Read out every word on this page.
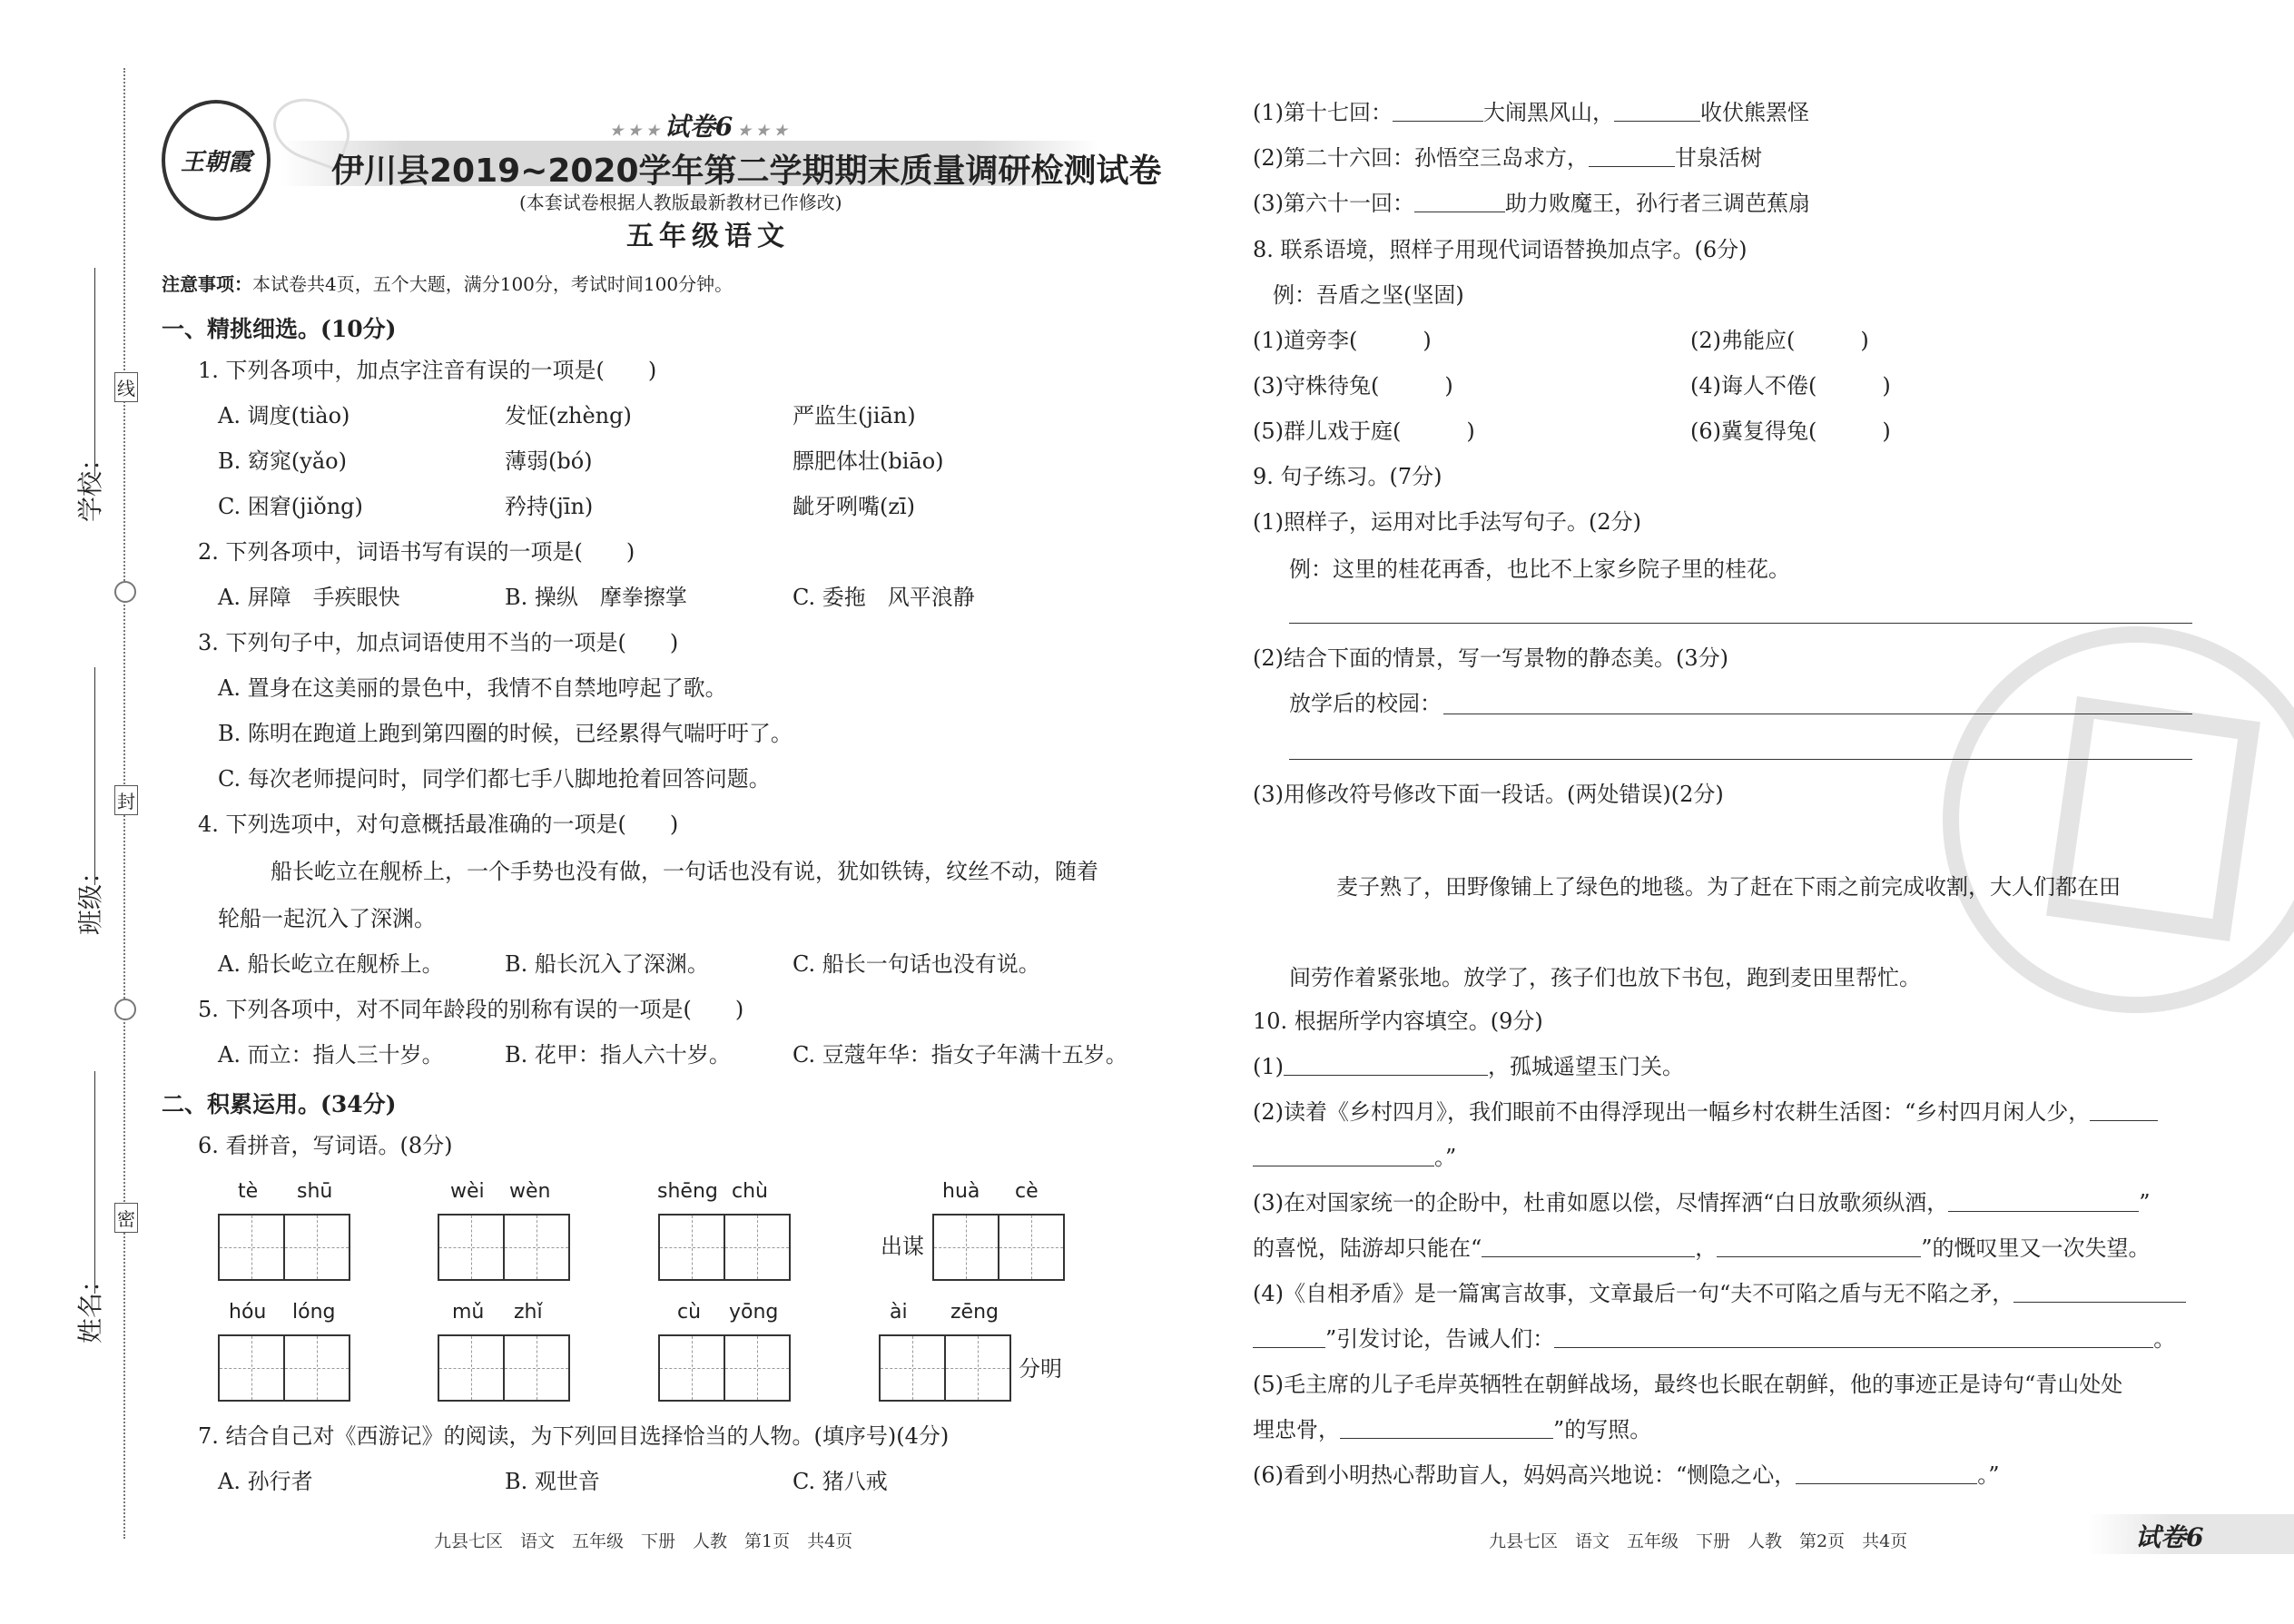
学校：
班级：
姓名：
线
封
密
王朝霞
★ ★ ★ 试卷6 ★ ★ ★
伊川县2019~2020学年第二学期期末质量调研检测试卷
(本套试卷根据人教版最新教材已作修改)
五年级语文
注意事项：本试卷共4页，五个大题，满分100分，考试时间100分钟。
一、精挑细选。(10分)
1. 下列各项中，加点字注音有误的一项是(　　)
A. 调度(tiào)	发怔(zhèng)	严监生(jiān)
B. 窈窕(yǎo)	薄弱(bó)	膘肥体壮(biāo)
C. 困窘(jiǒng)	矜持(jīn)	龇牙咧嘴(zī)
2. 下列各项中，词语书写有误的一项是(　　)
A. 屏障　手疾眼快	B. 操纵　摩拳擦掌	C. 委拖　风平浪静
3. 下列句子中，加点词语使用不当的一项是(　　)
A. 置身在这美丽的景色中，我情不自禁地哼起了歌。
B. 陈明在跑道上跑到第四圈的时候，已经累得气喘吁吁了。
C. 每次老师提问时，同学们都七手八脚地抢着回答问题。
4. 下列选项中，对句意概括最准确的一项是(　　)
船长屹立在舰桥上，一个手势也没有做，一句话也没有说，犹如铁铸，纹丝不动，随着
轮船一起沉入了深渊。
A. 船长屹立在舰桥上。	B. 船长沉入了深渊。	C. 船长一句话也没有说。
5. 下列各项中，对不同年龄段的别称有误的一项是(　　)
A. 而立：指人三十岁。	B. 花甲：指人六十岁。	C. 豆蔻年华：指女子年满十五岁。
二、积累运用。(34分)
6. 看拼音，写词语。(8分)
tè shū	wèi wèn	shēng chù	huà cè
出谋
hóu lóng	mǔ zhǐ	cù yōng	ài zēng
分明
7. 结合自己对《西游记》的阅读，为下列回目选择恰当的人物。(填序号)(4分)
九县七区　语文　五年级　下册　人教　第1页　共4页
(1)第十七回：	大闹黑风山，	收伏熊罴怪
(2)第二十六回：孙悟空三岛求方，	甘泉活树
(3)第六十一回：	助力败魔王，孙行者三调芭蕉扇
8. 联系语境，照样子用现代词语替换加点字。(6分)
例：吾盾之坚(坚固)
(1)道旁李(　　　)	(2)弗能应(　　　)
(3)守株待兔(　　　)	(4)诲人不倦(　　　)
(5)群儿戏于庭(　　　)	(6)冀复得兔(　　　)
9. 句子练习。(7分)
(1)照样子，运用对比手法写句子。(2分)
例：这里的桂花再香，也比不上家乡院子里的桂花。
(2)结合下面的情景，写一写景物的静态美。(3分)
放学后的校园：
(3)用修改符号修改下面一段话。(两处错误)(2分)
麦子熟了，田野像铺上了绿色的地毯。为了赶在下雨之前完成收割，大人们都在田
间劳作着紧张地。放学了，孩子们也放下书包，跑到麦田里帮忙。
10. 根据所学内容填空。(9分)
(1)	，孤城遥望玉门关。
(2)读着《乡村四月》，我们眼前不由得浮现出一幅乡村农耕生活图：“乡村四月闲人少，
。”
(3)在对国家统一的企盼中，杜甫如愿以偿，尽情挥洒“白日放歌须纵酒，	”
的喜悦，陆游却只能在“	，	”的慨叹里又一次失望。
(4)《自相矛盾》是一篇寓言故事，文章最后一句“夫不可陷之盾与无不陷之矛，
”引发讨论，告诫人们：	。
(5)毛主席的儿子毛岸英牺牲在朝鲜战场，最终也长眠在朝鲜，他的事迹正是诗句“青山处处
埋忠骨，	”的写照。
(6)看到小明热心帮助盲人，妈妈高兴地说：“恻隐之心，	。”
九县七区　语文　五年级　下册　人教　第2页　共4页	试卷6
A. 孙行者	B. 观世音	C. 猪八戒
